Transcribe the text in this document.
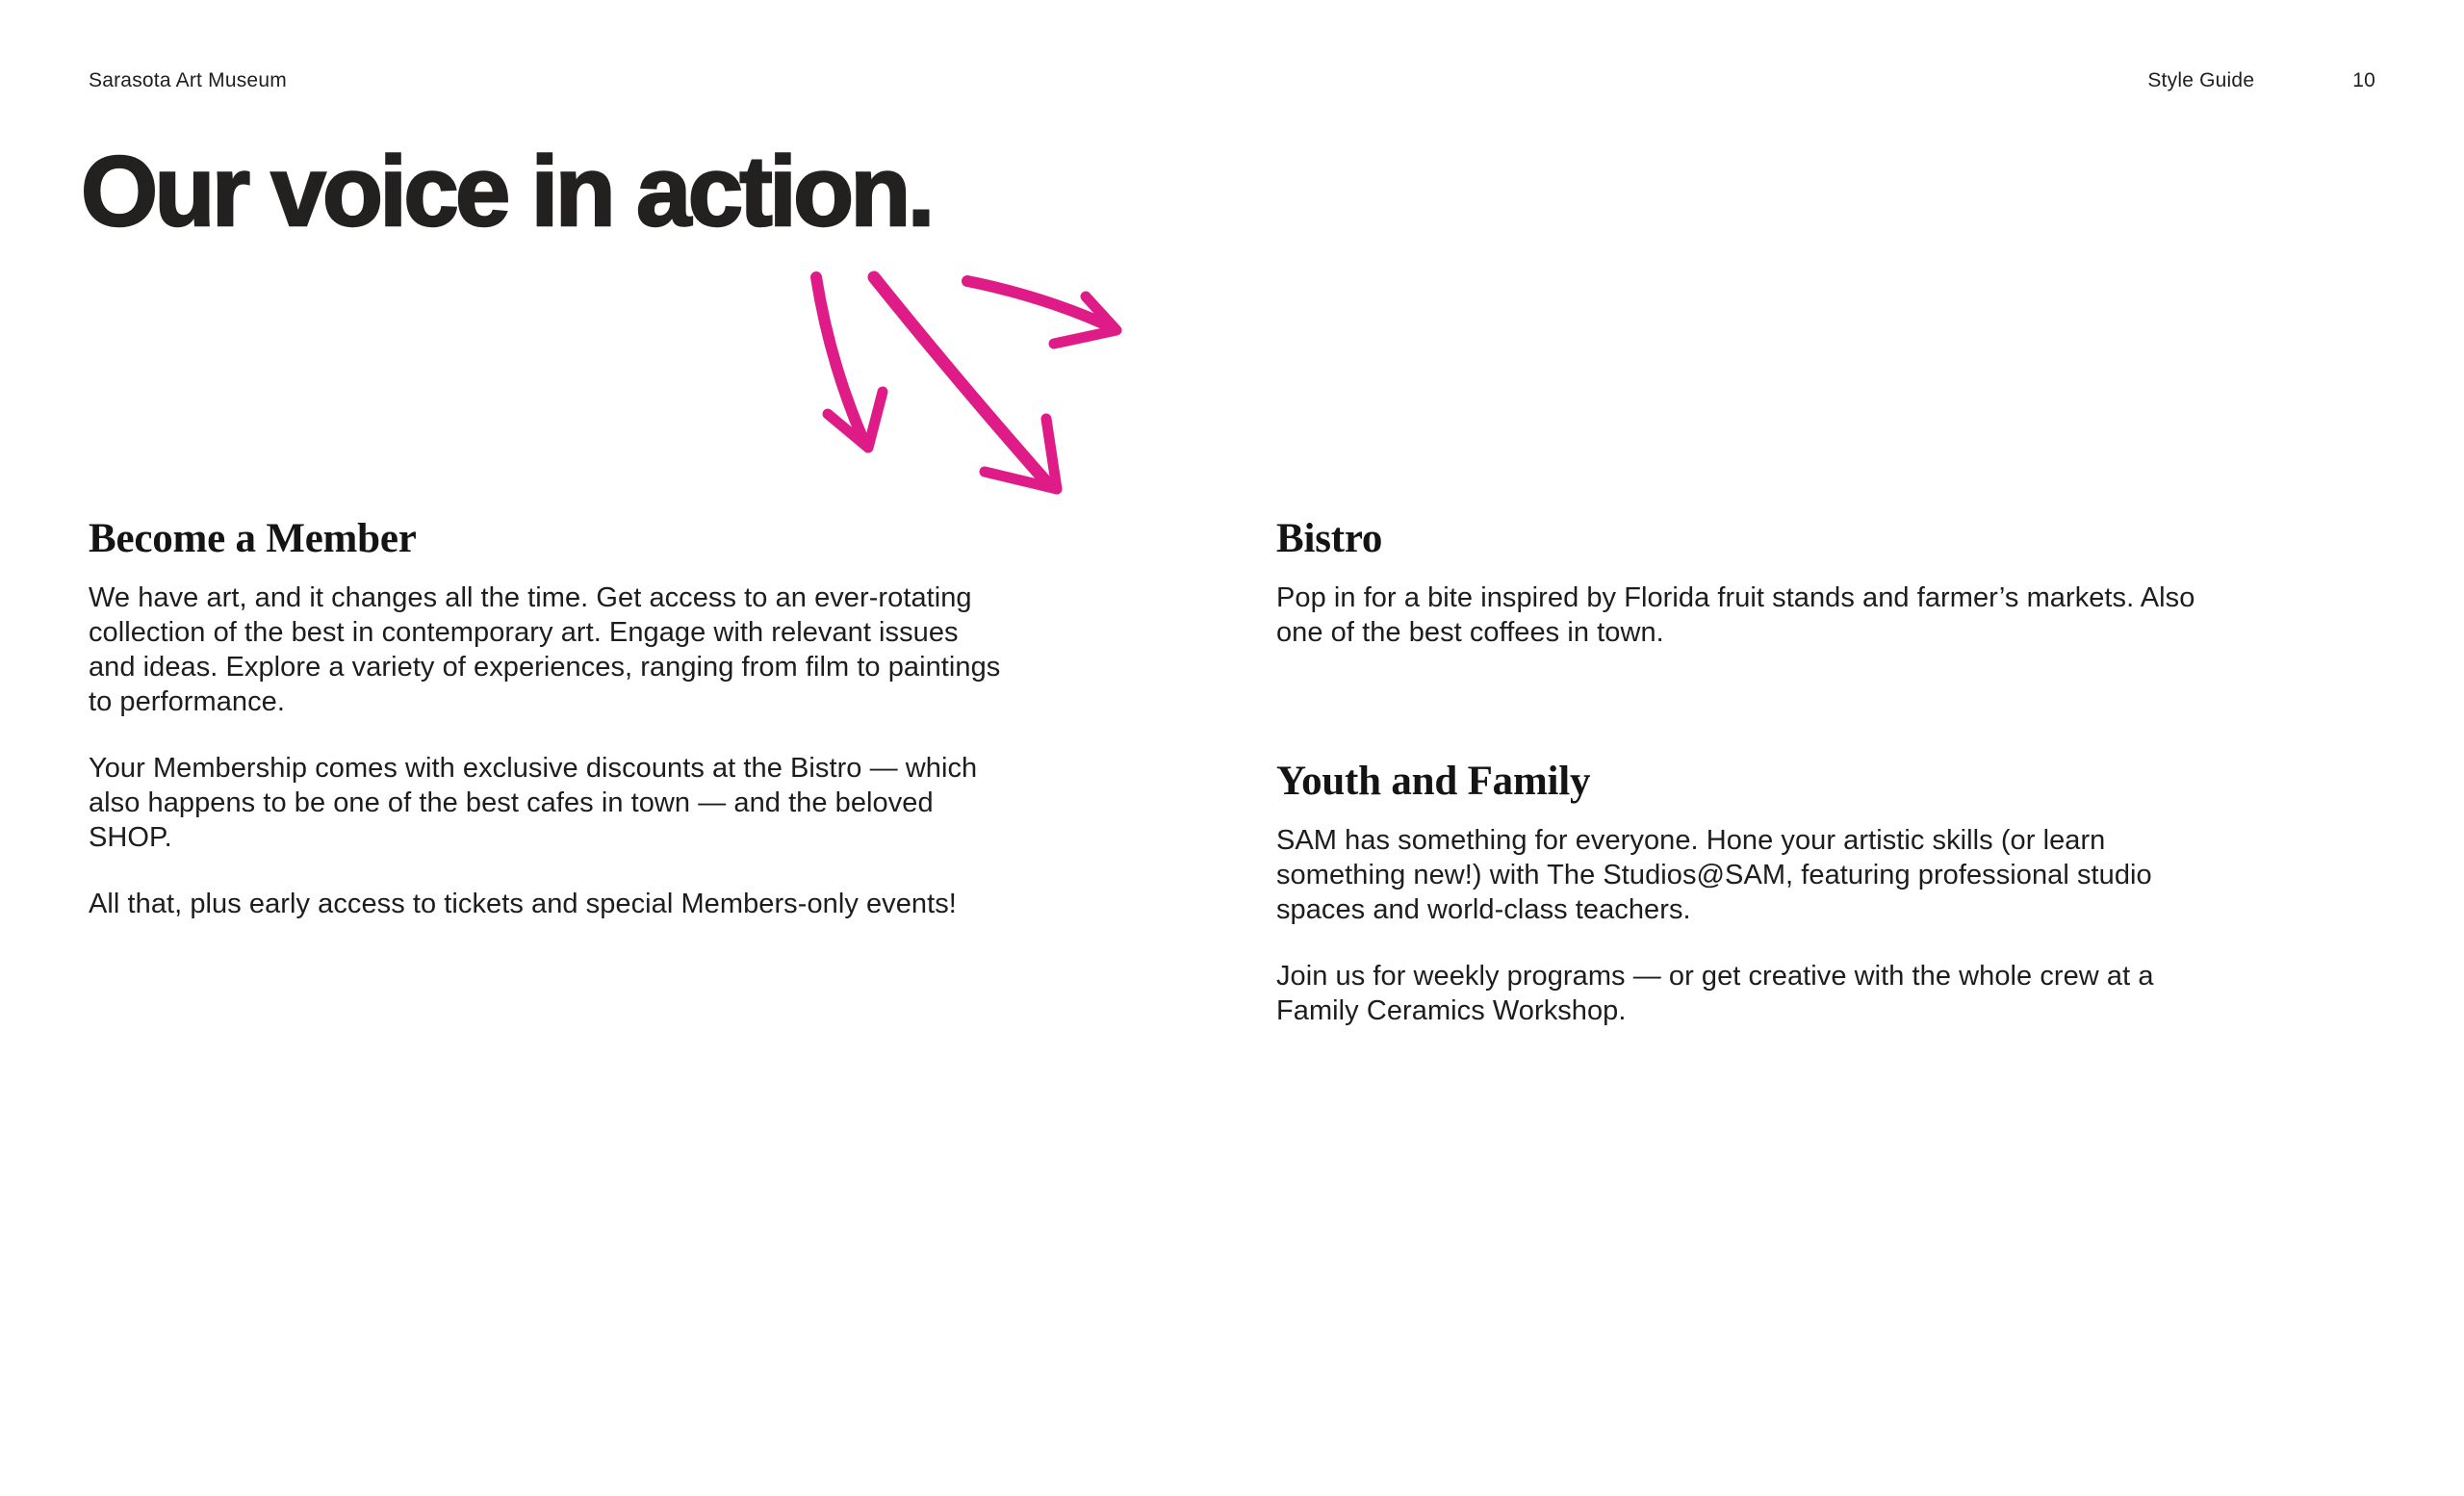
Sarasota Art Museum	Style Guide	10
Our voice in action.
Become a Member

We have art, and it changes all the time. Get access to an ever-rotating collection of the best in contemporary art. Engage with relevant issues and ideas. Explore a variety of experiences, ranging from film to paintings to performance.

Your Membership comes with exclusive discounts at the Bistro — which also happens to be one of the best cafes in town — and the beloved SHOP.

All that, plus early access to tickets and special Members-only events!

Bistro

Pop in for a bite inspired by Florida fruit stands and farmer’s markets. Also one of the best coffees in town.

Youth and Family

SAM has something for everyone. Hone your artistic skills (or learn something new!) with The Studios@SAM, featuring professional studio spaces and world-class teachers.

Join us for weekly programs — or get creative with the whole crew at a Family Ceramics Workshop.
